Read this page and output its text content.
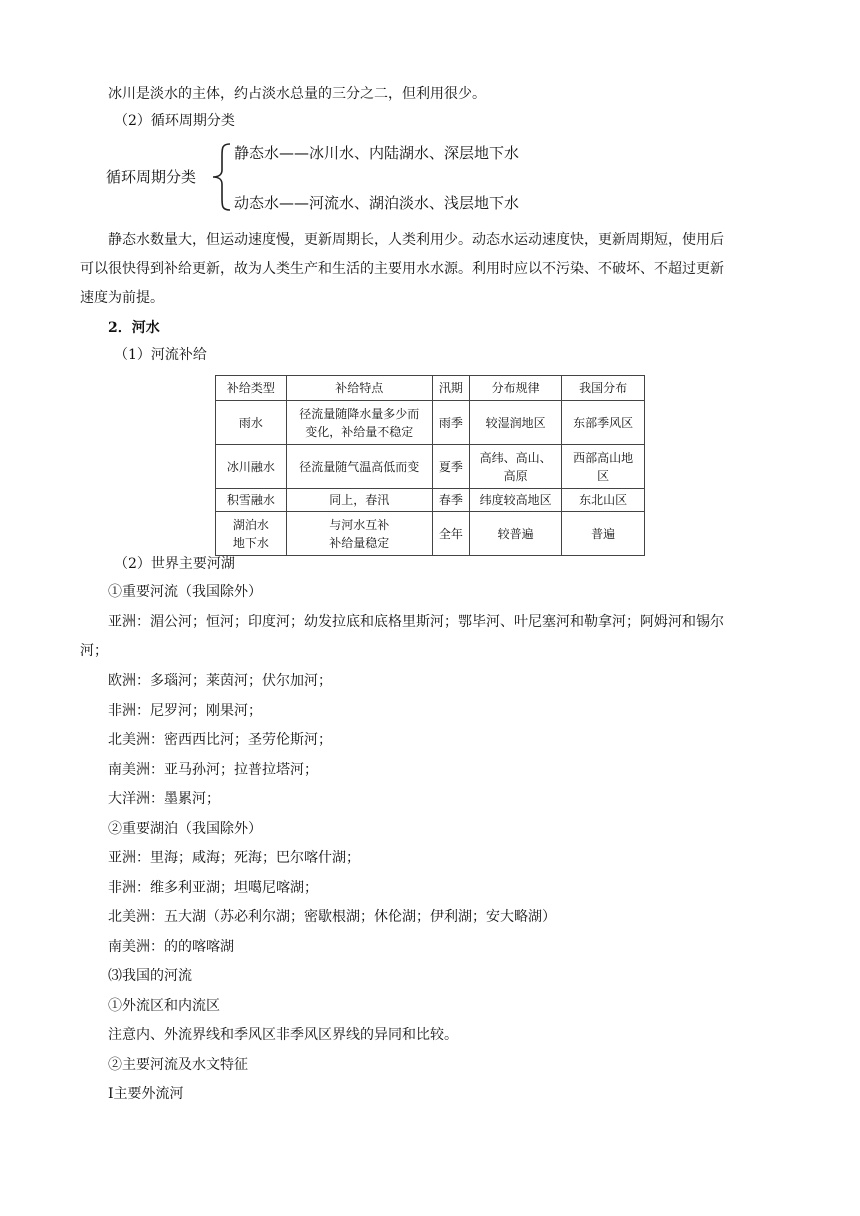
冰川是淡水的主体，约占淡水总量的三分之二，但利用很少。
（2）循环周期分类
循环周期分类
静态水——冰川水、内陆湖水、深层地下水
动态水——河流水、湖泊淡水、浅层地下水
静态水数量大，但运动速度慢，更新周期长，人类利用少。动态水运动速度快，更新周期短，使用后
可以很快得到补给更新，故为人类生产和生活的主要用水水源。利用时应以不污染、不破坏、不超过更新
速度为前提。
2．河水
（1）河流补给
补给类型	补给特点	汛期	分布规律	我国分布
雨水	径流量随降水量多少而
变化，补给量不稳定	雨季	较湿润地区	东部季风区
冰川融水	径流量随气温高低而变	夏季	高纬、高山、
高原	西部高山地
区
积雪融水	同上，春汛	春季	纬度较高地区	东北山区
湖泊水
地下水	与河水互补
补给量稳定	全年	较普遍	普遍
（2）世界主要河湖
①重要河流（我国除外）
亚洲：湄公河；恒河；印度河；幼发拉底和底格里斯河；鄂毕河、叶尼塞河和勒拿河；阿姆河和锡尔
河；
欧洲：多瑙河；莱茵河；伏尔加河；
非洲：尼罗河；刚果河；
北美洲：密西西比河；圣劳伦斯河；
南美洲：亚马孙河；拉普拉塔河；
大洋洲：墨累河；
②重要湖泊（我国除外）
亚洲：里海；咸海；死海；巴尔喀什湖；
非洲：维多利亚湖；坦噶尼喀湖；
北美洲：五大湖（苏必利尔湖；密歇根湖；休伦湖；伊利湖；安大略湖）
南美洲：的的喀喀湖
⑶我国的河流
①外流区和内流区
注意内、外流界线和季风区非季风区界线的异同和比较。
②主要河流及水文特征
Ⅰ主要外流河
